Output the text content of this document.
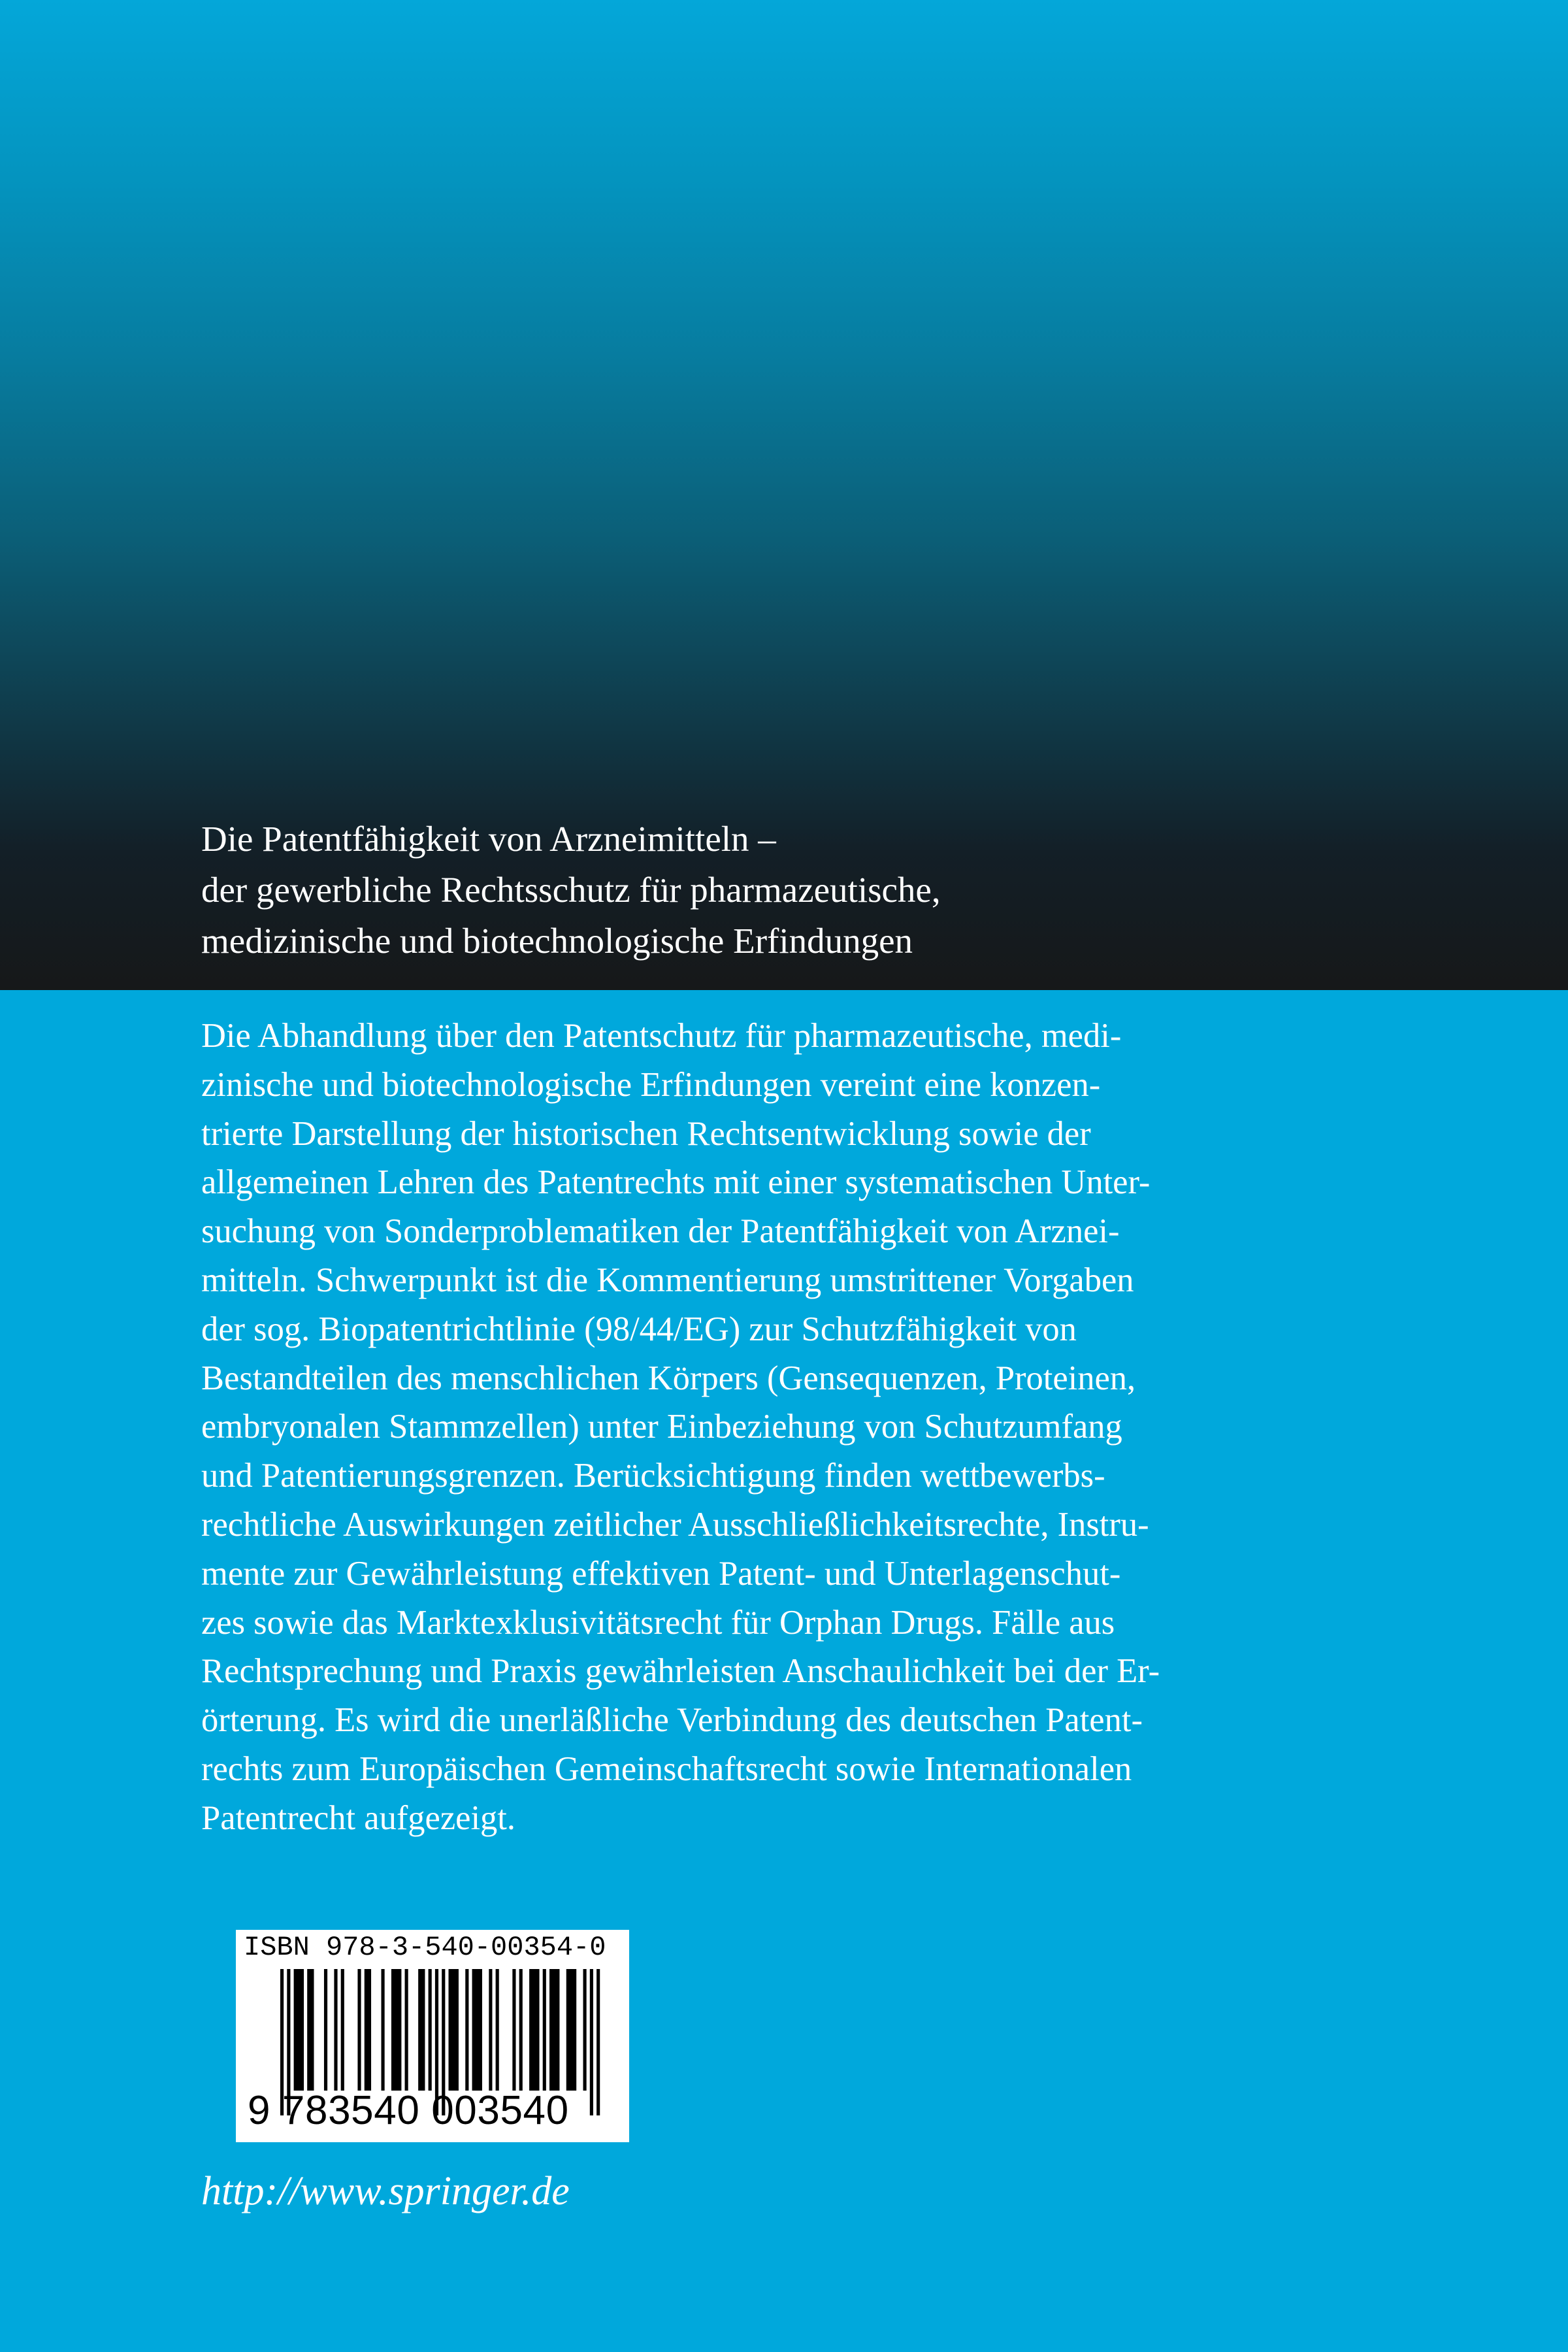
Die Patentfähigkeit von Arzneimitteln –
der gewerbliche Rechtsschutz für pharmazeutische,
medizinische und biotechnologische Erfindungen

Die Abhandlung über den Patentschutz für pharmazeutische, medi-
zinische und biotechnologische Erfindungen vereint eine konzen-
trierte Darstellung der historischen Rechtsentwicklung sowie der
allgemeinen Lehren des Patentrechts mit einer systematischen Unter-
suchung von Sonderproblematiken der Patentfähigkeit von Arznei-
mitteln. Schwerpunkt ist die Kommentierung umstrittener Vorgaben
der sog. Biopatentrichtlinie (98/44/EG) zur Schutzfähigkeit von
Bestandteilen des menschlichen Körpers (Gensequenzen, Proteinen,
embryonalen Stammzellen) unter Einbeziehung von Schutzumfang
und Patentierungsgrenzen. Berücksichtigung finden wettbewerbs-
rechtliche Auswirkungen zeitlicher Ausschließlichkeitsrechte, Instru-
mente zur Gewährleistung effektiven Patent- und Unterlagenschut-
zes sowie das Marktexklusivitätsrecht für Orphan Drugs. Fälle aus
Rechtsprechung und Praxis gewährleisten Anschaulichkeit bei der Er-
örterung. Es wird die unerläßliche Verbindung des deutschen Patent-
rechts zum Europäischen Gemeinschaftsrecht sowie Internationalen
Patentrecht aufgezeigt.

ISBN 978-3-540-00354-0
9 783540 003540
http://www.springer.de
